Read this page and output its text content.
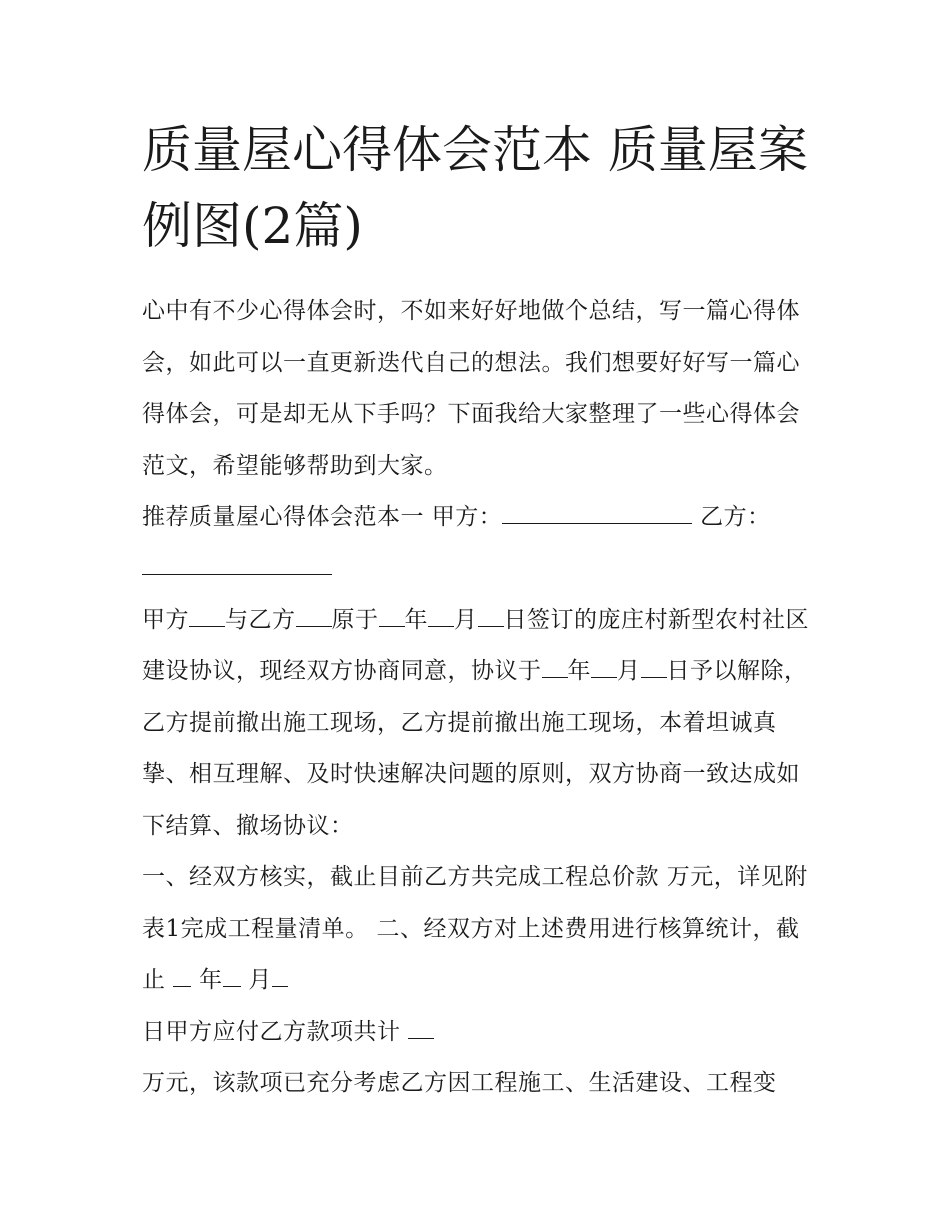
质量屋心得体会范本 质量屋案例图(2篇)

心中有不少心得体会时，不如来好好地做个总结，写一篇心得体会，如此可以一直更新迭代自己的想法。我们想要好好写一篇心得体会，可是却无从下手吗？下面我给大家整理了一些心得体会范文，希望能够帮助到大家。

推荐质量屋心得体会范本一 甲方：	乙方：

甲方 与乙方 原于 年 月 日签订的庞庄村新型农村社区建设协议，现经双方协商同意，协议于 年 月 日予以解除，乙方提前撤出施工现场，乙方提前撤出施工现场，本着坦诚真挚、相互理解、及时快速解决问题的原则，双方协商一致达成如下结算、撤场协议：

一、经双方核实，截止目前乙方共完成工程总价款 万元，详见附表1完成工程量清单。 二、经双方对上述费用进行核算统计，截止  年 月

日甲方应付乙方款项共计

万元，该款项已充分考虑乙方因工程施工、生活建设、工程变
